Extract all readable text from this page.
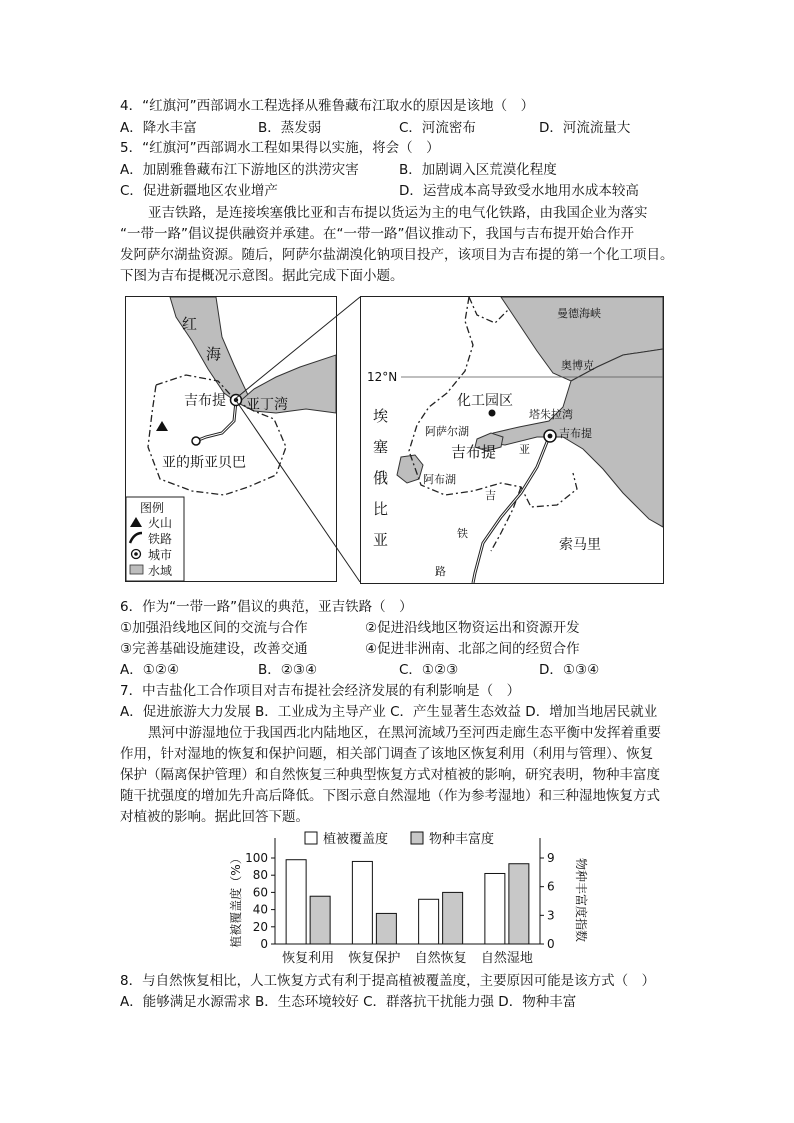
4．“红旗河”西部调水工程选择从雅鲁藏布江取水的原因是该地（　）
A．降水丰富	B．蒸发弱	C．河流密布	D．河流流量大
5．“红旗河”西部调水工程如果得以实施，将会（　）
A．加剧雅鲁藏布江下游地区的洪涝灾害	B．加剧调入区荒漠化程度
C．促进新疆地区农业增产	D．运营成本高导致受水地用水成本较高
亚吉铁路，是连接埃塞俄比亚和吉布提以货运为主的电气化铁路，由我国企业为落实
“一带一路”倡议提供融资并承建。在“一带一路”倡议推动下，我国与吉布提开始合作开
发阿萨尔湖盐资源。随后，阿萨尔盐湖溴化钠项目投产，该项目为吉布提的第一个化工项目。
下图为吉布提概况示意图。据此完成下面小题。
红
海
吉布提 亚丁湾
亚的斯亚贝巴
图例
火山
铁路
城市
水域
曼德海峡
12°N
奥博克
化工园区
塔朱拉湾
阿萨尔湖
吉布提
吉布提
阿布湖
埃
塞
俄
比
亚	索马里
亚
吉
铁
路
6．作为“一带一路”倡议的典范，亚吉铁路（　）
①加强沿线地区间的交流与合作	②促进沿线地区物资运出和资源开发
③完善基础设施建设，改善交通	④促进非洲南、北部之间的经贸合作
A．①②④	B．②③④	C．①②③	D．①③④
7．中吉盐化工合作项目对吉布提社会经济发展的有利影响是（　）
A．促进旅游大力发展 B．工业成为主导产业 C．产生显著生态效益 D．增加当地居民就业
黑河中游湿地位于我国西北内陆地区，在黑河流域乃至河西走廊生态平衡中发挥着重要
作用，针对湿地的恢复和保护问题，相关部门调查了该地区恢复利用（利用与管理）、恢复
保护（隔离保护管理）和自然恢复三种典型恢复方式对植被的影响，研究表明，物种丰富度
随干扰强度的增加先升高后降低。下图示意自然湿地（作为参考湿地）和三种湿地恢复方式
对植被的影响。据此回答下题。
植被覆盖度	物种丰富度
植被覆盖度（%）	物种丰富度指数
0
20
40
60
80
100
0
3
6
9
恢复利用 恢复保护 自然恢复 自然湿地
8．与自然恢复相比，人工恢复方式有利于提高植被覆盖度，主要原因可能是该方式（　）
A．能够满足水源需求 B．生态环境较好 C．群落抗干扰能力强 D．物种丰富
